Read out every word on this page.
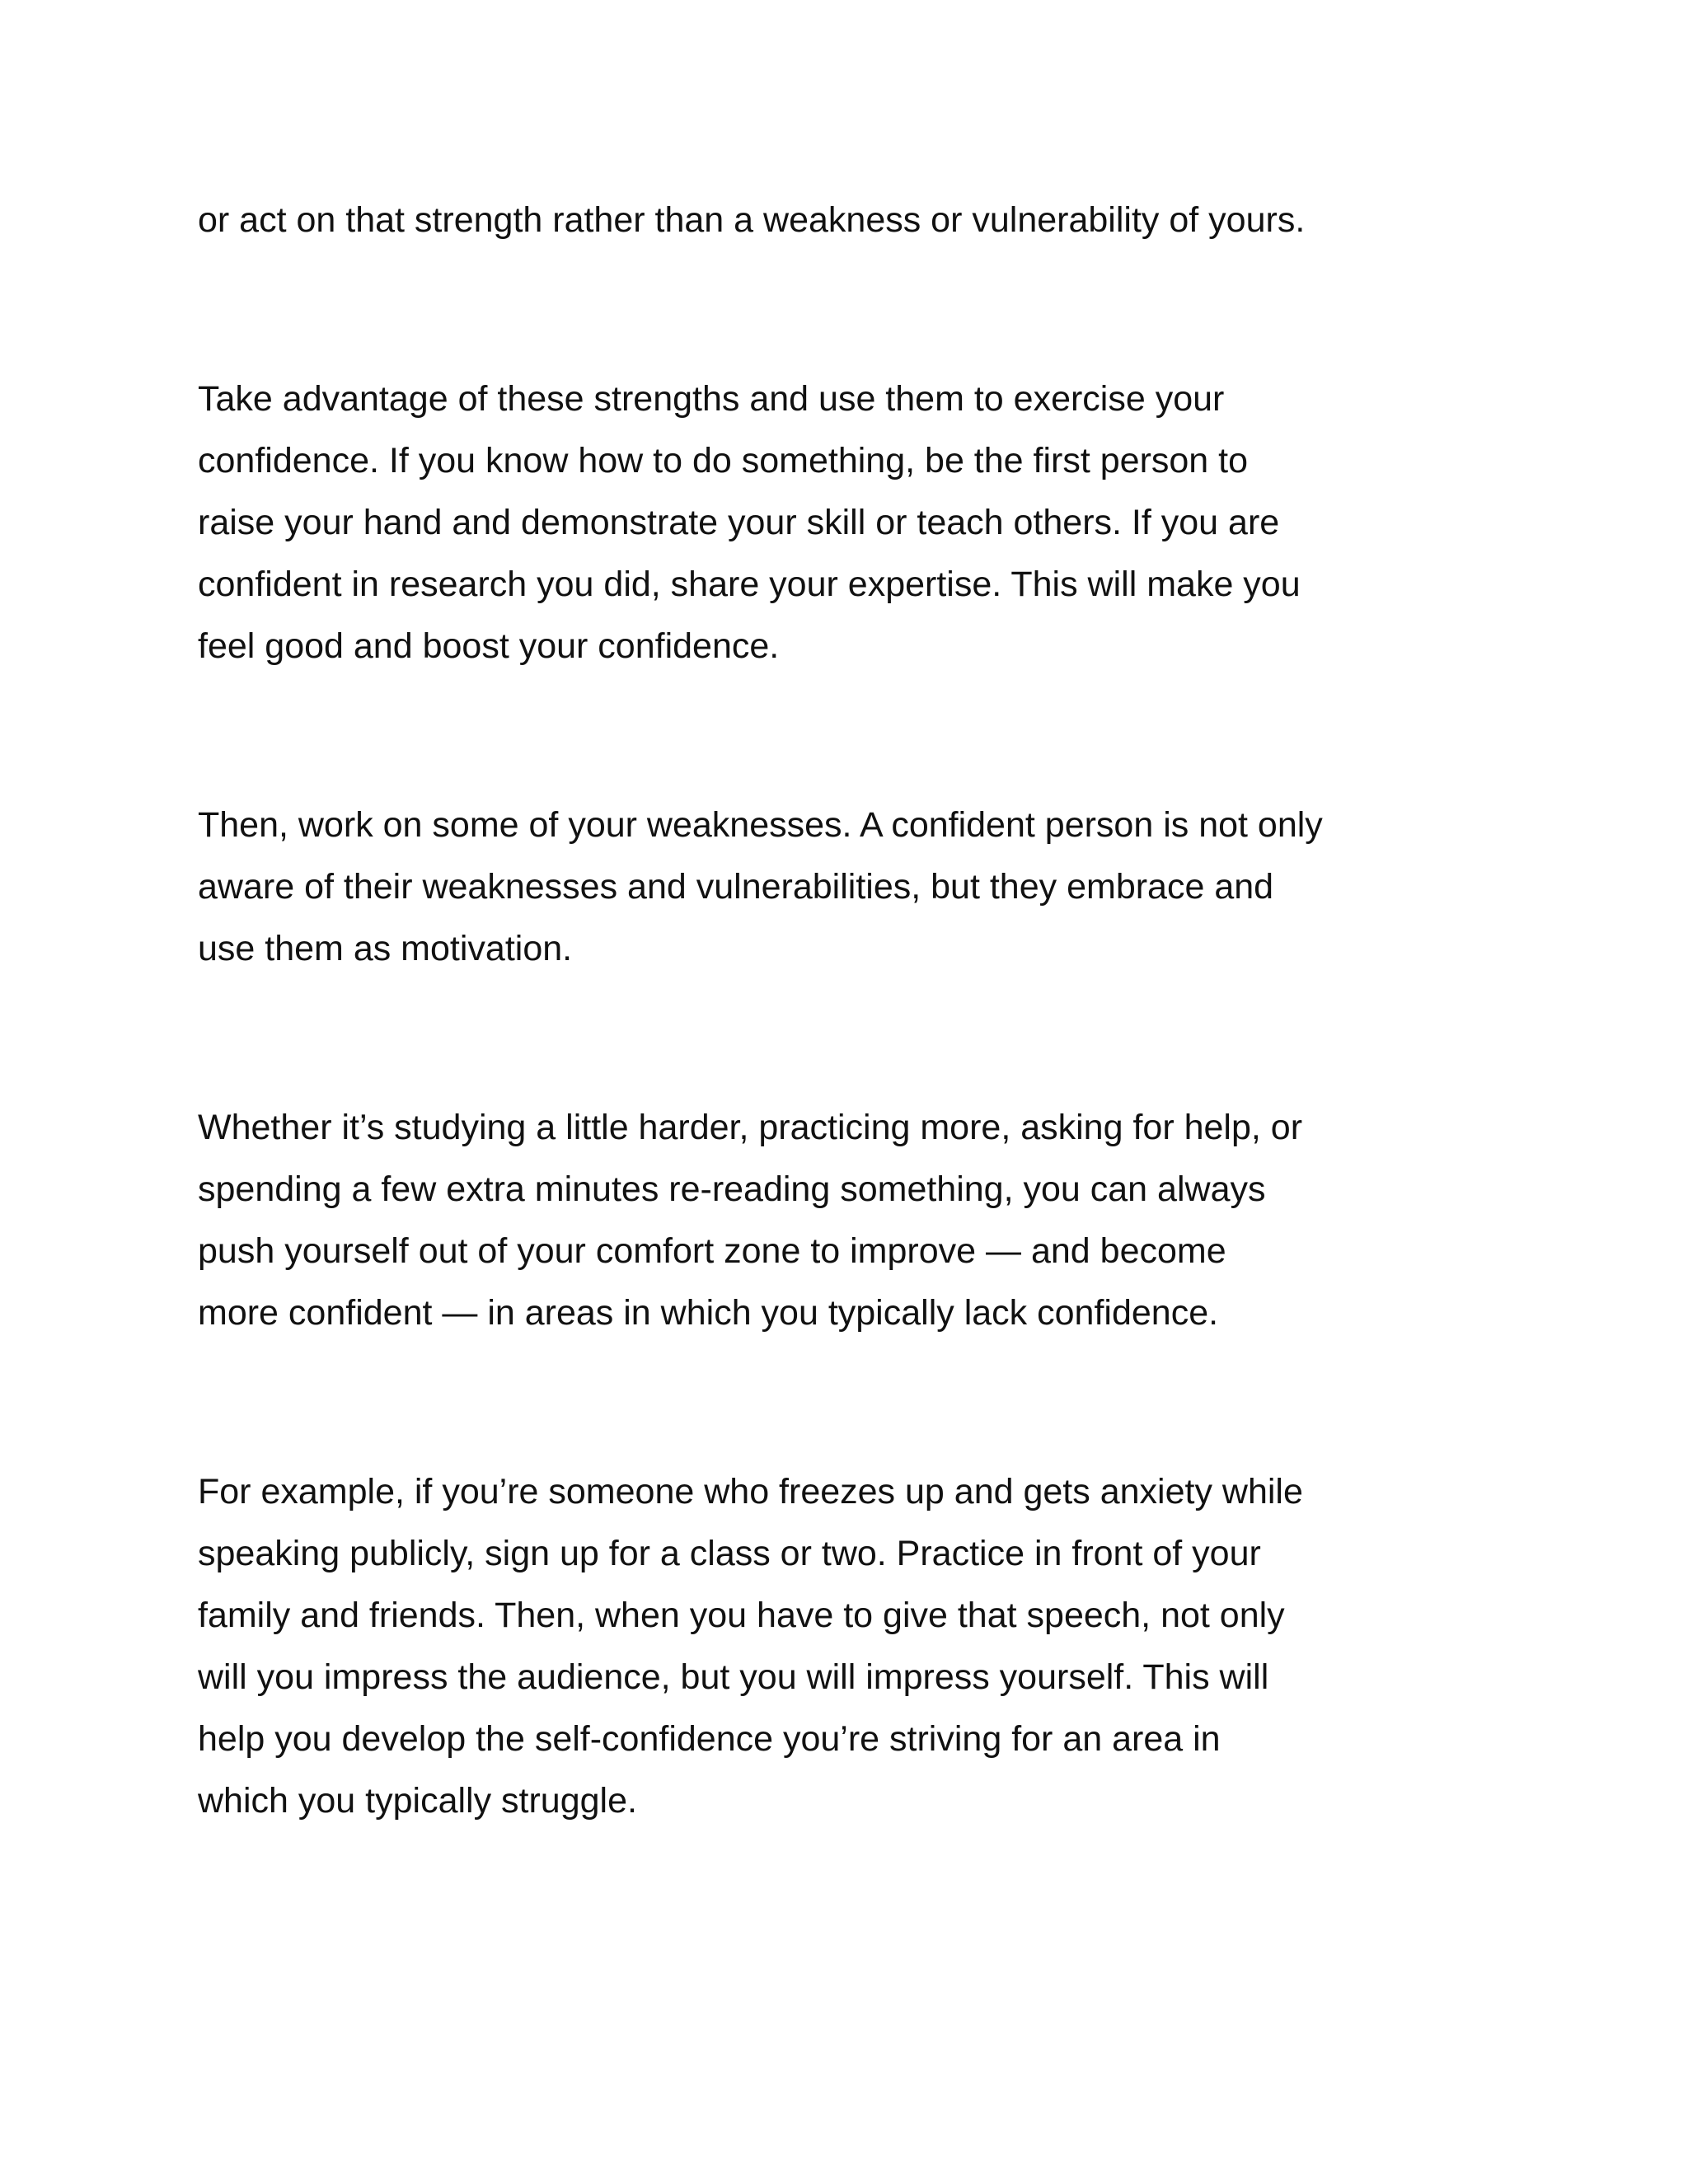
or act on that strength rather than a weakness or vulnerability of yours.
Take advantage of these strengths and use them to exercise your
confidence. If you know how to do something, be the first person to
raise your hand and demonstrate your skill or teach others. If you are
confident in research you did, share your expertise. This will make you
feel good and boost your confidence.
Then, work on some of your weaknesses. A confident person is not only
aware of their weaknesses and vulnerabilities, but they embrace and
use them as motivation.
Whether it’s studying a little harder, practicing more, asking for help, or
spending a few extra minutes re-reading something, you can always
push yourself out of your comfort zone to improve — and become
more confident — in areas in which you typically lack confidence.
For example, if you’re someone who freezes up and gets anxiety while
speaking publicly, sign up for a class or two. Practice in front of your
family and friends. Then, when you have to give that speech, not only
will you impress the audience, but you will impress yourself. This will
help you develop the self-confidence you’re striving for an area in
which you typically struggle.
